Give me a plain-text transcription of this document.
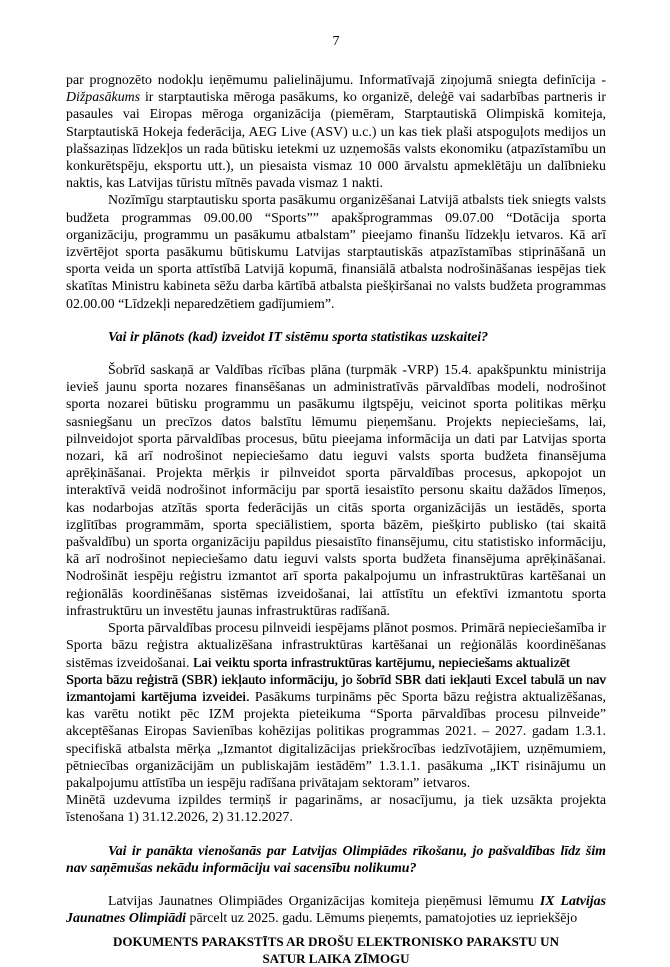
7

par prognozēto nodokļu ieņēmumu palielinājumu. Informatīvajā ziņojumā sniegta definīcija - Dižpasākums ir starptautiska mēroga pasākums, ko organizē, deleģē vai sadarbības partneris ir pasaules vai Eiropas mēroga organizācija (piemēram, Starptautiskā Olimpiskā komiteja, Starptautiskā Hokeja federācija, AEG Live (ASV) u.c.) un kas tiek plaši atspoguļots medijos un plašsaziņas līdzekļos un rada būtisku ietekmi uz uzņemošās valsts ekonomiku (atpazīstamību un konkurētspēju, eksportu utt.), un piesaista vismaz 10 000 ārvalstu apmeklētāju un dalībnieku naktis, kas Latvijas tūristu mītnēs pavada vismaz 1 nakti.

Nozīmīgu starptautisku sporta pasākumu organizēšanai Latvijā atbalsts tiek sniegts valsts budžeta programmas 09.00.00 “Sports”” apakšprogrammas 09.07.00 “Dotācija sporta organizāciju, programmu un pasākumu atbalstam” pieejamo finanšu līdzekļu ietvaros. Kā arī izvērtējot sporta pasākumu būtiskumu Latvijas starptautiskās atpazīstamības stiprināšanā un sporta veida un sporta attīstībā Latvijā kopumā, finansiālā atbalsta nodrošināšanas iespējas tiek skatītas Ministru kabineta sēžu darba kārtībā atbalsta piešķiršanai no valsts budžeta programmas 02.00.00 “Līdzekļi neparedzētiem gadījumiem”.

Vai ir plānots (kad) izveidot IT sistēmu sporta statistikas uzskaitei?

Šobrīd saskaņā ar Valdības rīcības plāna (turpmāk -VRP) 15.4. apakšpunktu ministrija ievieš jaunu sporta nozares finansēšanas un administratīvās pārvaldības modeli, nodrošinot sporta nozarei būtisku programmu un pasākumu ilgtspēju, veicinot sporta politikas mērķu sasniegšanu un precīzos datos balstītu lēmumu pieņemšanu. Projekts nepieciešams, lai, pilnveidojot sporta pārvaldības procesus, būtu pieejama informācija un dati par Latvijas sporta nozari, kā arī nodrošinot nepieciešamo datu ieguvi valsts sporta budžeta finansējuma aprēķināšanai. Projekta mērķis ir pilnveidot sporta pārvaldības procesus, apkopojot un interaktīvā veidā nodrošinot informāciju par sportā iesaistīto personu skaitu dažādos līmeņos, kas nodarbojas atzītās sporta federācijās un citās sporta organizācijās un iestādēs, sporta izglītības programmām, sporta speciālistiem, sporta bāzēm, piešķirto publisko (tai skaitā pašvaldību) un sporta organizāciju papildus piesaistīto finansējumu, citu statistisko informāciju, kā arī nodrošinot nepieciešamo datu ieguvi valsts sporta budžeta finansējuma aprēķināšanai. Nodrošināt iespēju reģistru izmantot arī sporta pakalpojumu un infrastruktūras kartēšanai un reģionālās koordinēšanas sistēmas izveidošanai, lai attīstītu un efektīvi izmantotu sporta infrastruktūru un investētu jaunas infrastruktūras radīšanā.

Sporta pārvaldības procesu pilnveidi iespējams plānot posmos. Primārā nepieciešamība ir Sporta bāzu reģistra aktualizēšana infrastruktūras kartēšanai un reģionālās koordinēšanas sistēmas izveidošanai. Lai veiktu sporta infrastruktūras kartējumu, nepieciešams aktualizēt
Sporta bāzu reģistrā (SBR) iekļauto informāciju, jo šobrīd SBR dati iekļauti Excel tabulā un nav izmantojami kartējuma izveidei. Pasākums turpināms pēc Sporta bāzu reģistra aktualizēšanas, kas varētu notikt pēc IZM projekta pieteikuma “Sporta pārvaldības procesu pilnveide” akceptēšanas Eiropas Savienības kohēzijas politikas programmas 2021. – 2027. gadam 1.3.1. specifiskā atbalsta mērķa „Izmantot digitalizācijas priekšrocības iedzīvotājiem, uzņēmumiem, pētniecības organizācijām un publiskajām iestādēm” 1.3.1.1. pasākuma „IKT risinājumu un pakalpojumu attīstība un iespēju radīšana privātajam sektoram” ietvaros.

Minētā uzdevuma izpildes termiņš ir pagarināms, ar nosacījumu, ja tiek uzsākta projekta īstenošana 1) 31.12.2026, 2) 31.12.2027.

Vai ir panākta vienošanās par Latvijas Olimpiādes rīkošanu, jo pašvaldības līdz šim nav saņēmušas nekādu informāciju vai sacensību nolikumu?

Latvijas Jaunatnes Olimpiādes Organizācijas komiteja pieņēmusi lēmumu IX Latvijas Jaunatnes Olimpiādi pārcelt uz 2025. gadu. Lēmums pieņemts, pamatojoties uz iepriekšējo

DOKUMENTS PARAKSTĪTS AR DROŠU ELEKTRONISKO PARAKSTU UN
SATUR LAIKA ZĪMOGU
